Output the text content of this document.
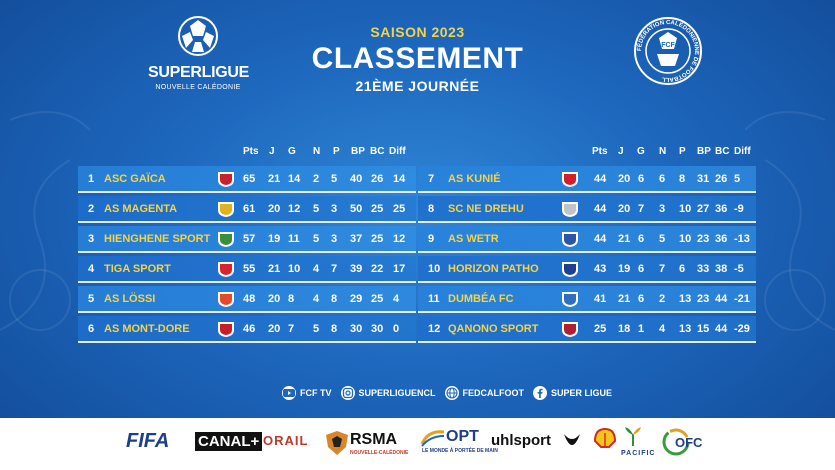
SAISON 2023
CLASSEMENT
21ÈME JOURNÉE
SUPERLIGUE
NOUVELLE CALÉDONIE
FÉDÉRATION CALÉDONIENNE DE FOOTBALL
FCF
Pts J G N P BP BC Diff
1 ASC GAÏCA	65 21 14 2 5 40 26 14
2 AS MAGENTA	61 20 12 5 3 50 25 25
3 HIENGHENE SPORT	57 19 11 5 3 37 25 12
4 TIGA SPORT	55 21 10 4 7 39 22 17
5 AS LÖSSI	48 20 8 4 8 29 25 4
6 AS MONT-DORE	46 20 7 5 8 30 30 0
Pts J G N P BP BC Diff
7 AS KUNIÉ	44 20 6 6 8 31 26 5
8 SC NE DREHU	44 20 7 3 10 27 36 -9
9 AS WETR	44 21 6 5 10 23 36 -13
10 HORIZON PATHO	43 19 6 7 6 33 38 -5
11 DUMBÉA FC	41 21 6 2 13 23 44 -21
12 QANONO SPORT	25 18 1 4 13 15 44 -29
FCF TV	SUPERLIGUENCL	FEDCALFOOT	SUPER LIGUE
FIFA CANAL+ ORAIL	RSMA
NOUVELLE-CALÉDONIE
OPT
LE MONDE À PORTÉE DE MAIN
uhlsport
PACIFIC
OFC
